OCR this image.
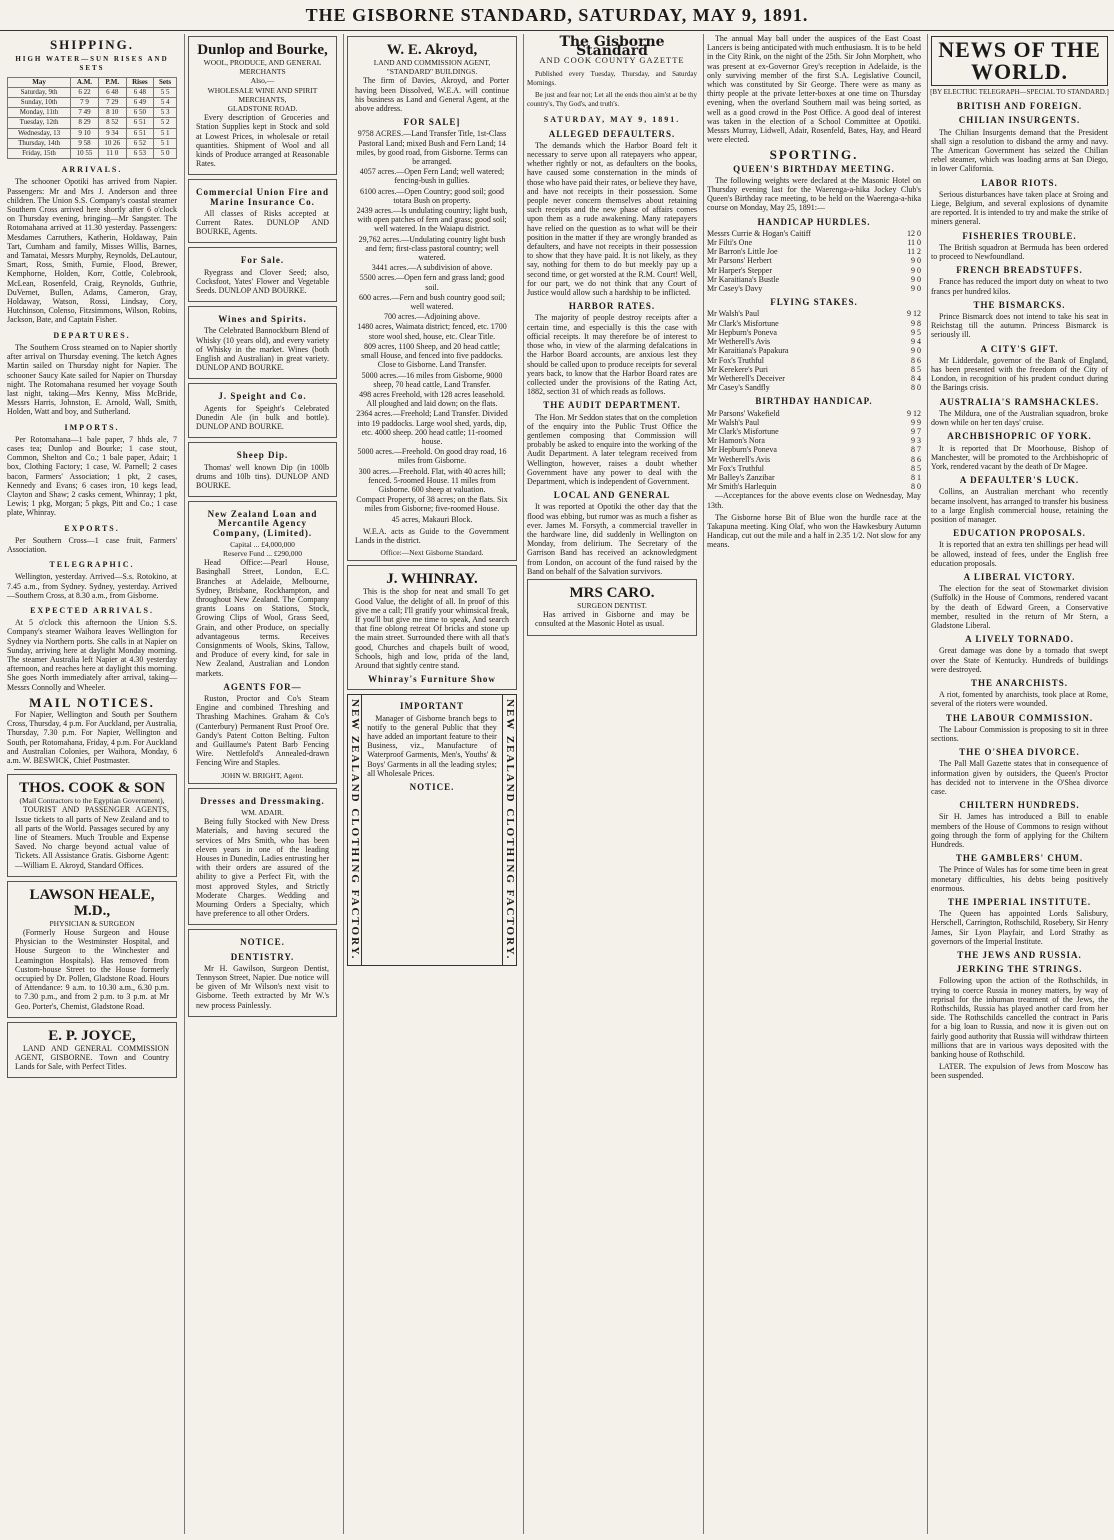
THE GISBORNE STANDARD, SATURDAY, MAY 9, 1891.
SHIPPING.
HIGH WATER—SUN RISES AND SETS
May	A.M.	P.M.	Rises	Sets
Saturday, 9th	6 22	6 48	6 48	5 5
Sunday, 10th	7 9	7 29	6 49	5 4
Monday, 11th	7 49	8 10	6 50	5 3
Tuesday, 12th	8 29	8 52	6 51	5 2
Wednesday, 13	9 10	9 34	6 51	5 1
Thursday, 14th	9 58	10 26	6 52	5 1
Friday, 15th	10 55	11 0	6 53	5 0
ARRIVALS.

The schooner Opotiki has arrived from Napier. Passengers: Mr and Mrs J. Anderson and three children. The Union S.S. Company's coastal steamer Southern Cross arrived here shortly after 6 o'clock on Thursday evening, bringing—Mr Sangster. The Rotomahana arrived at 11.30 yesterday. Passengers: Mesdames Carruthers, Katherin, Holdaway, Pain Tart, Cumham and family, Misses Willis, Barnes, and Tamatai, Messrs Murphy, Reynolds, DeLautour, Smart, Ross, Smith, Furnie, Flood, Brewer, Kemphorne, Holden, Korr, Cottle, Colebrook, McLean, Rosenfeld, Craig, Reynolds, Guthrie, DuVernet, Bullen, Adams, Cameron, Gray, Holdaway, Watson, Rossi, Lindsay, Cory, Hutchinson, Colenso, Fitzsimmons, Wilson, Robins, Jackson, Bate, and Captain Fisher.

DEPARTURES.

The Southern Cross steamed on to Napier shortly after arrival on Thursday evening. The ketch Agnes Martin sailed on Thursday night for Napier. The schooner Saucy Kate sailed for Napier on Thursday night. The Rotomahana resumed her voyage South last night, taking—Mrs Kenny, Miss McBride, Messrs Harris, Johnston, E. Arnold, Wall, Smith, Holden, Watt and boy, and Sutherland.

IMPORTS.

Per Rotomahana—1 bale paper, 7 hhds ale, 7 cases tea; Dunlop and Bourke; 1 case stout, Common, Shelton and Co.; 1 bale paper, Adair; 1 box, Clothing Factory; 1 case, W. Parnell; 2 cases bacon, Farmers' Association; 1 pkt, 2 cases, Kennedy and Evans; 6 cases iron, 10 kegs lead, Clayton and Shaw; 2 casks cement, Whinray; 1 pkt, Lewis; 1 pkg, Morgan; 5 pkgs, Pitt and Co.; 1 case plate, Whinray.

EXPORTS.

Per Southern Cross—1 case fruit, Farmers' Association.

TELEGRAPHIC.

Wellington, yesterday. Arrived—S.s. Rotokino, at 7.45 a.m., from Sydney. Sydney, yesterday. Arrived—Southern Cross, at 8.30 a.m., from Gisborne.

EXPECTED ARRIVALS.

At 5 o'clock this afternoon the Union S.S. Company's steamer Waihora leaves Wellington for Sydney via Northern ports. She calls in at Napier on Sunday, arriving here at daylight Monday morning. The steamer Australia left Napier at 4.30 yesterday afternoon, and reaches here at daylight this morning. She goes North immediately after arrival, taking—Messrs Connolly and Wheeler.

MAIL NOTICES.

For Napier, Wellington and South per Southern Cross, Thursday, 4 p.m. For Auckland, per Australia, Thursday, 7.30 p.m. For Napier, Wellington and South, per Rotomahana, Friday, 4 p.m. For Auckland and Australian Colonies, per Waihora, Monday, 6 a.m. W. BESWICK, Chief Postmaster.

THOS. COOK & SON
(Mail Contractors to the Egyptian Government),

TOURIST AND PASSENGER AGENTS, Issue tickets to all parts of New Zealand and to all parts of the World. Passages secured by any line of Steamers. Much Trouble and Expense Saved. No charge beyond actual value of Tickets. All Assistance Gratis. Gisborne Agent:—William E. Akroyd, Standard Offices.

LAWSON HEALE, M.D.,
PHYSICIAN & SURGEON

(Formerly House Surgeon and House Physician to the Westminster Hospital, and House Surgeon to the Winchester and Leamington Hospitals). Has removed from Custom-house Street to the House formerly occupied by Dr. Pollen, Gladstone Road. Hours of Attendance: 9 a.m. to 10.30 a.m., 6.30 p.m. to 7.30 p.m., and from 2 p.m. to 3 p.m. at Mr Geo. Porter's, Chemist, Gladstone Road.

E. P. JOYCE,

LAND AND GENERAL COMMISSION AGENT, GISBORNE. Town and Country Lands for Sale, with Perfect Titles.

Dunlop and Bourke,
WOOL, PRODUCE, AND GENERAL MERCHANTS
Also,—
WHOLESALE WINE AND SPIRIT MERCHANTS,
GLADSTONE ROAD.

Every description of Groceries and Station Supplies kept in Stock and sold at Lowest Prices, in wholesale or retail quantities. Shipment of Wool and all kinds of Produce arranged at Reasonable Rates.

Commercial Union Fire and Marine Insurance Co.

All classes of Risks accepted at Current Rates. DUNLOP AND BOURKE, Agents.

For Sale.

Ryegrass and Clover Seed; also, Cocksfoot, Yates' Flower and Vegetable Seeds. DUNLOP AND BOURKE.

Wines and Spirits.

The Celebrated Bannockburn Blend of Whisky (10 years old), and every variety of Whisky in the market. Wines (both English and Australian) in great variety. DUNLOP AND BOURKE.

J. Speight and Co.

Agents for Speight's Celebrated Dunedin Ale (in bulk and bottle). DUNLOP AND BOURKE.

Sheep Dip.

Thomas' well known Dip (in 100lb drums and 10lb tins). DUNLOP AND BOURKE.

New Zealand Loan and Mercantile Agency Company, (Limited).
Capital ... £4,000,000
Reserve Fund ... £290,000

Head Office:—Pearl House, Basinghall Street, London, E.C. Branches at Adelaide, Melbourne, Sydney, Brisbane, Rockhampton, and throughout New Zealand. The Company grants Loans on Stations, Stock, Growing Clips of Wool, Grass Seed, Grain, and other Produce, on specially advantageous terms. Receives Consignments of Wools, Skins, Tallow, and Produce of every kind, for sale in New Zealand, Australian and London markets.

AGENTS FOR—

Ruston, Proctor and Co's Steam Engine and combined Threshing and Thrashing Machines. Graham & Co's (Canterbury) Permanent Rust Proof Ore. Gandy's Patent Cotton Belting. Fulton and Guillaume's Patent Barb Fencing Wire. Nettlefold's Annealed-drawn Fencing Wire and Staples.

JOHN W. BRIGHT, Agent.
Dresses and Dressmaking.
WM. ADAIR.

Being fully Stocked with New Dress Materials, and having secured the services of Mrs Smith, who has been eleven years in one of the leading Houses in Dunedin, Ladies entrusting her with their orders are assured of the ability to give a Perfect Fit, with the most approved Styles, and Strictly Moderate Charges. Wedding and Mourning Orders a Specialty, which have preference to all other Orders.

NOTICE.
DENTISTRY.

Mr H. Gawilson, Surgeon Dentist, Tennyson Street, Napier. Due notice will be given of Mr Wilson's next visit to Gisborne. Teeth extracted by Mr W.'s new process Painlessly.

W. E. Akroyd,
LAND AND COMMISSION AGENT, "STANDARD" BUILDINGS.

The firm of Davies, Akroyd, and Porter having been Dissolved, W.E.A. will continue his business as Land and General Agent, at the above address.

FOR SALE]
9758 ACRES.—Land Transfer Title, 1st-Class Pastoral Land; mixed Bush and Fern Land; 14 miles, by good road, from Gisborne. Terms can be arranged.
4057 acres.—Open Fern Land; well watered; fencing-bush in gullies.
6100 acres.—Open Country; good soil; good totara Bush on property.
2439 acres.—Is undulating country; light bush, with open patches of fern and grass; good soil; well watered. In the Waiapu district.
29,762 acres.—Undulating country light bush and fern; first-class pastoral country; well watered.
3441 acres.—A subdivision of above.
5500 acres.—Open fern and grass land; good soil.
600 acres.—Fern and bush country good soil; well watered.
700 acres.—Adjoining above.
1480 acres, Waimata district; fenced, etc. 1700 store wool shed, house, etc. Clear Title.
809 acres, 1100 Sheep, and 20 head cattle; small House, and fenced into five paddocks. Close to Gisborne. Land Transfer.
5000 acres.—16 miles from Gisborne, 9000 sheep, 70 head cattle, Land Transfer.
498 acres Freehold, with 128 acres leasehold. All ploughed and laid down; on the flats.
2364 acres.—Freehold; Land Transfer. Divided into 19 paddocks. Large wool shed, yards, dip, etc. 4000 sheep. 200 head cattle; 11-roomed house.
5000 acres.—Freehold. On good dray road, 16 miles from Gisborne.
300 acres.—Freehold. Flat, with 40 acres hill; fenced. 5-roomed House. 11 miles from Gisborne. 600 sheep at valuation.
Compact Property, of 38 acres; on the flats. Six miles from Gisborne; five-roomed House.
45 acres, Makauri Block.

W.E.A. acts as Guide to the Government Lands in the district.

Office:—Next Gisborne Standard.
J. WHINRAY.

This is the shop for neat and small To get Good Value, the delight of all. In proof of this give me a call; I'll gratify your whimsical freak, If you'll but give me time to speak, And search that fine oblong retreat Of bricks and stone up the main street. Surrounded there with all that's good, Churches and chapels built of wood, Schools, high and low, prida of the land, Around that sightly centre stand.

Whinray's Furniture Show
NEW ZEALAND CLOTHING FACTORY.	IMPORTANT

Manager of Gisborne branch begs to notify to the general Public that they have added an important feature to their Business, viz., Manufacture of Waterproof Garments, Men's, Youths' & Boys' Garments in all the leading styles; all Wholesale Prices.

NOTICE.	NEW ZEALAND CLOTHING FACTORY.
The Gisborne Standard
AND COOK COUNTY GAZETTE

Published every Tuesday, Thursday, and Saturday Mornings.

Be just and fear not; Let all the ends thou aim'st at be thy country's, Thy God's, and truth's.

SATURDAY, MAY 9, 1891.
ALLEGED DEFAULTERS.

The demands which the Harbor Board felt it necessary to serve upon all ratepayers who appear, whether rightly or not, as defaulters on the books, have caused some consternation in the minds of those who have paid their rates, or believe they have, and have not receipts in their possession. Some people never concern themselves about retaining such receipts and the new phase of affairs comes upon them as a rude awakening. Many ratepayers have relied on the question as to what will be their position in the matter if they are wrongly branded as defaulters, and have not receipts in their possession to show that they have paid. It is not likely, as they say, nothing for them to do but meekly pay up a second time, or get worsted at the R.M. Court! Well, for our part, we do not think that any Court of Justice would allow such a hardship to be inflicted.

HARBOR RATES.

The majority of people destroy receipts after a certain time, and especially is this the case with official receipts. It may therefore be of interest to those who, in view of the alarming defalcations in the Harbor Board accounts, are anxious lest they should be called upon to produce receipts for several years back, to know that the Harbor Board rates are collected under the provisions of the Rating Act, 1882, section 31 of which reads as follows.

THE AUDIT DEPARTMENT.

The Hon. Mr Seddon states that on the completion of the enquiry into the Public Trust Office the gentlemen composing that Commission will probably be asked to enquire into the working of the Audit Department. A later telegram received from Wellington, however, raises a doubt whether Government have any power to deal with the Department, which is independent of Government.

LOCAL AND GENERAL

It was reported at Opotiki the other day that the flood was ebbing, but rumor was as much a fisher as ever. James M. Forsyth, a commercial traveller in the hardware line, did suddenly in Wellington on Monday, from delirium. The Secretary of the Garrison Band has received an acknowledgment from London, on account of the fund raised by the Band on behalf of the Salvation survivors.

MRS CARO.
SURGEON DENTIST.

Has arrived in Gisborne and may be consulted at the Masonic Hotel as usual.

The annual May ball under the auspices of the East Coast Lancers is being anticipated with much enthusiasm. It is to be held in the City Rink, on the night of the 25th. Sir John Morphett, who was present at ex-Governor Grey's reception in Adelaide, is the only surviving member of the first S.A. Legislative Council, which was constituted by Sir George. There were as many as thirty people at the private letter-boxes at one time on Thursday evening, when the overland Southern mail was being sorted, as well as a good crowd in the Post Office. A good deal of interest was taken in the election of a School Committee at Opotiki. Messrs Murray, Lidwell, Adair, Rosenfeld, Bates, Hay, and Heard were elected.

SPORTING.
QUEEN'S BIRTHDAY MEETING.

The following weights were declared at the Masonic Hotel on Thursday evening last for the Waerenga-a-hika Jockey Club's Queen's Birthday race meeting, to be held on the Waerenga-a-hika course on Monday, May 25, 1891:—

HANDICAP HURDLES.
Messrs Currie & Hogan's Caitiff	12 0
Mr Filti's One	11 0
Mr Barron's Little Joe	11 2
Mr Parsons' Herbert	9 0
Mr Harper's Stepper	9 0
Mr Karaitiana's Bustle	9 0
Mr Casey's Davy	9 0
FLYING STAKES.
Mr Walsh's Paul	9 12
Mr Clark's Misfortune	9 8
Mr Hepburn's Poneva	9 5
Mr Wetherell's Avis	9 4
Mr Karaitiana's Papakura	9 0
Mr Fox's Truthful	8 6
Mr Kerekere's Puri	8 5
Mr Wetherell's Deceiver	8 4
Mr Casey's Sandfly	8 0
BIRTHDAY HANDICAP.
Mr Parsons' Wakefield	9 12
Mr Walsh's Paul	9 9
Mr Clark's Misfortune	9 7
Mr Hamon's Nora	9 3
Mr Hepburn's Poneva	8 7
Mr Wetherell's Avis	8 6
Mr Fox's Truthful	8 5
Mr Balley's Zanzibar	8 1
Mr Smith's Harlequin	8 0

—Acceptances for the above events close on Wednesday, May 13th.

The Gisborne horse Bit of Blue won the hurdle race at the Takapuna meeting. King Olaf, who won the Hawkesbury Autumn Handicap, cut out the mile and a half in 2.35 1/2. Not slow for any means.

NEWS OF THE WORLD.
[BY ELECTRIC TELEGRAPH—SPECIAL TO STANDARD.]
BRITISH AND FOREIGN.
CHILIAN INSURGENTS.

The Chilian Insurgents demand that the President shall sign a resolution to disband the army and navy. The American Government has seized the Chilian rebel steamer, which was loading arms at San Diego, in lower California.

LABOR RIOTS.

Serious disturbances have taken place at Sroing and Liege, Belgium, and several explosions of dynamite are reported. It is intended to try and make the strike of miners general.

FISHERIES TROUBLE.

The British squadron at Bermuda has been ordered to proceed to Newfoundland.

FRENCH BREADSTUFFS.

France has reduced the import duty on wheat to two francs per hundred kilos.

THE BISMARCKS.

Prince Bismarck does not intend to take his seat in Reichstag till the autumn. Princess Bismarck is seriously ill.

A CITY'S GIFT.

Mr Lidderdale, governor of the Bank of England, has been presented with the freedom of the City of London, in recognition of his prudent conduct during the Barings crisis.

AUSTRALIA'S RAMSHACKLES.

The Mildura, one of the Australian squadron, broke down while on her ten days' cruise.

ARCHBISHOPRIC OF YORK.

It is reported that Dr Moorhouse, Bishop of Manchester, will be promoted to the Archbishopric of York, rendered vacant by the death of Dr Magee.

A DEFAULTER'S LUCK.

Collins, an Australian merchant who recently became insolvent, has arranged to transfer his business to a large English commercial house, retaining the position of manager.

EDUCATION PROPOSALS.

It is reported that an extra ten shillings per head will be allowed, instead of fees, under the English free education proposals.

A LIBERAL VICTORY.

The election for the seat of Stowmarket division (Suffolk) in the House of Commons, rendered vacant by the death of Edward Green, a Conservative member, resulted in the return of Mr Stern, a Gladstone Liberal.

A LIVELY TORNADO.

Great damage was done by a tornado that swept over the State of Kentucky. Hundreds of buildings were destroyed.

THE ANARCHISTS.

A riot, fomented by anarchists, took place at Rome, several of the rioters were wounded.

THE LABOUR COMMISSION.

The Labour Commission is proposing to sit in three sections.

THE O'SHEA DIVORCE.

The Pall Mall Gazette states that in consequence of information given by outsiders, the Queen's Proctor has decided not to intervene in the O'Shea divorce case.

CHILTERN HUNDREDS.

Sir H. James has introduced a Bill to enable members of the House of Commons to resign without going through the form of applying for the Chiltern Hundreds.

THE GAMBLERS' CHUM.

The Prince of Wales has for some time been in great monetary difficulties, his debts being positively enormous.

THE IMPERIAL INSTITUTE.

The Queen has appointed Lords Salisbury, Herschell, Carrington, Rothschild, Rosebery, Sir Henry James, Sir Lyon Playfair, and Lord Strathy as governors of the Imperial Institute.

THE JEWS AND RUSSIA.
JERKING THE STRINGS.

Following upon the action of the Rothschilds, in trying to coerce Russia in money matters, by way of reprisal for the inhuman treatment of the Jews, the Rothschilds, Russia has played another card from her side. The Rothschilds cancelled the contract in Paris for a big loan to Russia, and now it is given out on fairly good authority that Russia will withdraw thirteen millions that are in various ways deposited with the banking house of Rothschild.

LATER. The expulsion of Jews from Moscow has been suspended.
